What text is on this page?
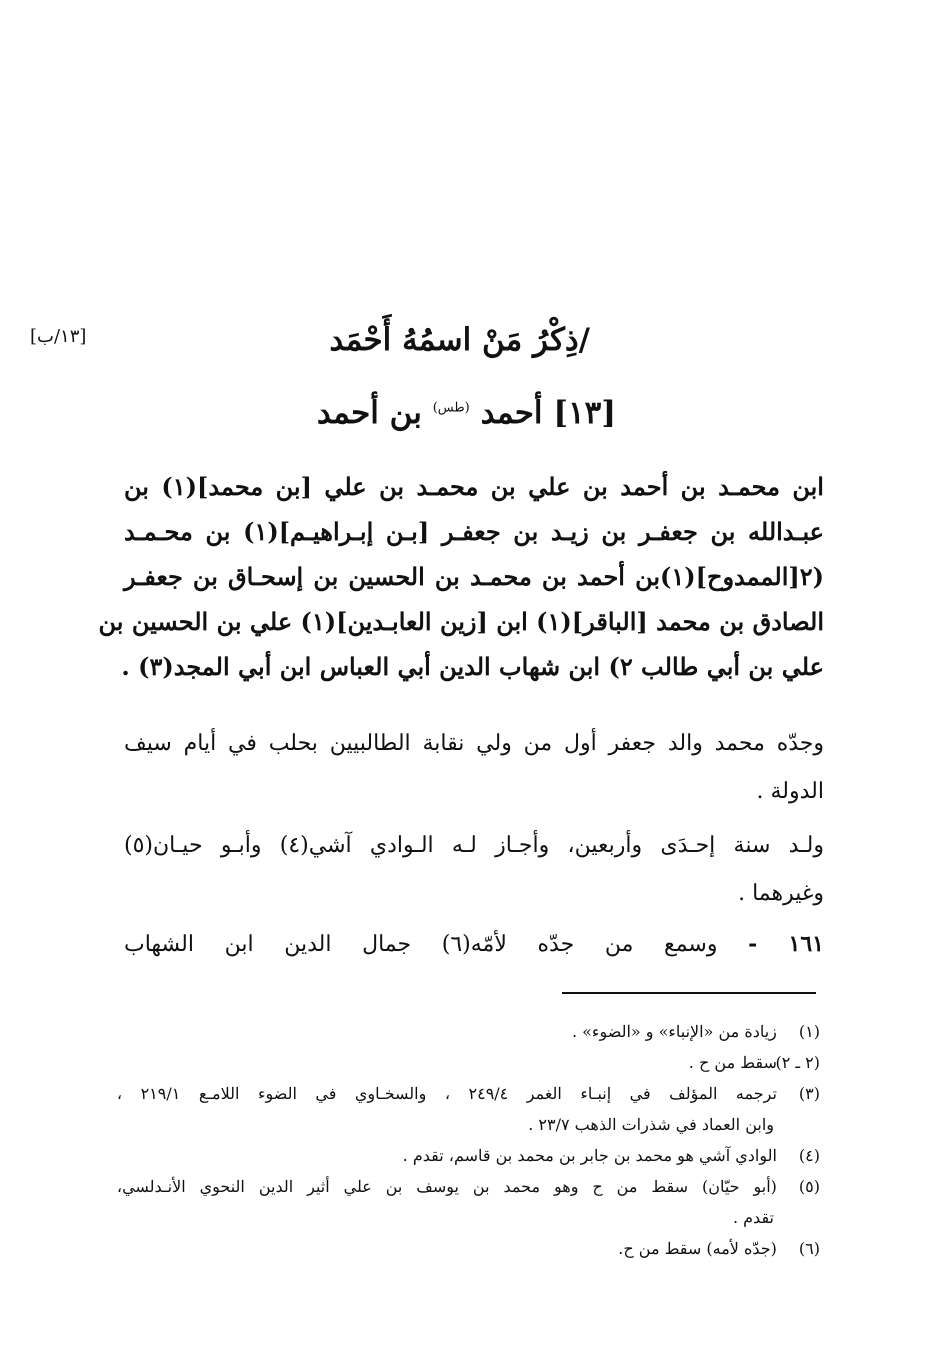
[١٣/ب]	/ذِكْرُ مَنْ اسمُهُ أَحْمَد
[١٣] أحمد $^{(طس)}$ بن أحمد
ابن محمـد بن أحمد بن علي بن محمـد بن علي [بن محمد](١) بن
عبـدالله بن جعفـر بن زيـد بن جعفـر [بـن إبـراهيـم](١) بن محـمـد
(٢[الممدوح](١)بن أحمد بن محمـد بن الحسين بن إسحـاق بن جعفـر
الصادق بن محمد [الباقر](١) ابن [زين العابـدين](١) علي بن الحسين بن
علي بن أبي طالب ٢) ابن شهاب الدين أبي العباس ابن أبي المجد(٣) .
وجدّه محمد والد جعفر أول من ولي نقابة الطالبيين بحلب في أيام سيف
الدولة .
ولـد سنة إحـدَى وأربعين، وأجـاز لـه الـوادي آشي(٤) وأبـو حيـان(٥)
وغيرهما .
١٦١ - وسمع من جدّه لأمّه(٦) جمال الدين ابن الشهاب
(١) زيادة من «الإنباء» و «الضوء» .
(٢ ـ ٢) سقط من ح .
(٣) ترجمه المؤلف في إنبـاء الغمر ٢٤٩/٤ ، والسخـاوي في الضوء اللامـع ٢١٩/١ ،
وابن العماد في شذرات الذهب ٢٣/٧ .
(٤) الوادي آشي هو محمد بن جابر بن محمد بن قاسم، تقدم .
(٥) (أبو حيّان) سقط من ح وهو محمد بن يوسف بن علي أثير الدين النحوي الأنـدلسي،
تقدم .
(٦) (جدّه لأمه) سقط من ح.
